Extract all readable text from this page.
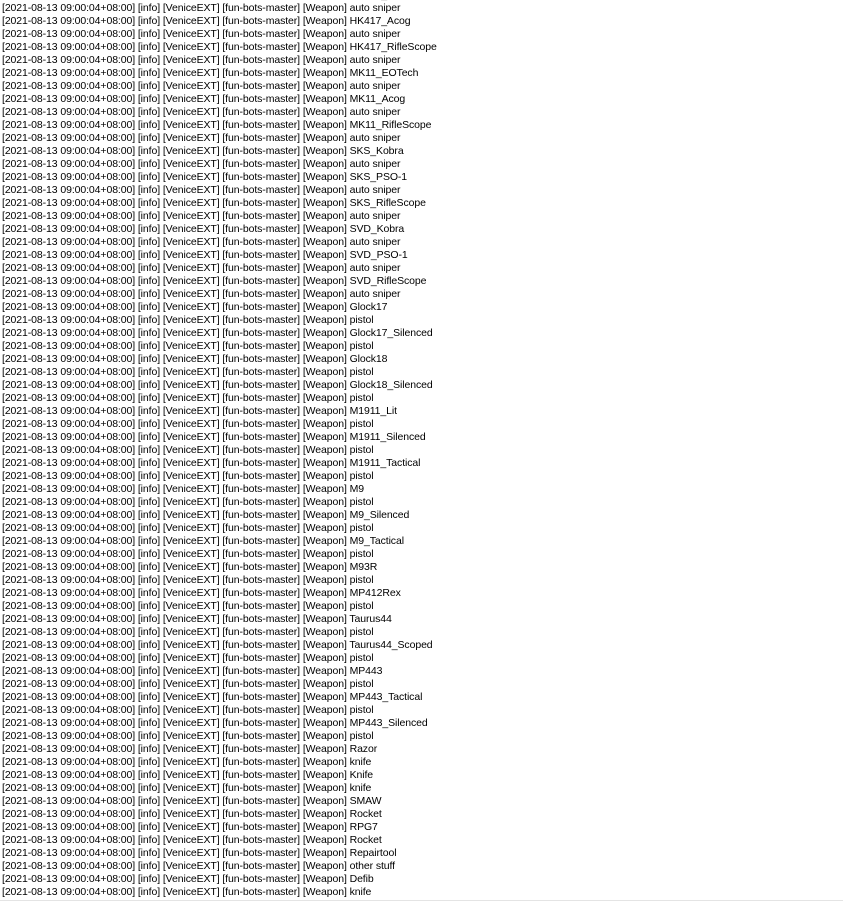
[2021-08-13 09:00:04+08:00] [info] [VeniceEXT] [fun-bots-master] [Weapon] auto sniper
[2021-08-13 09:00:04+08:00] [info] [VeniceEXT] [fun-bots-master] [Weapon] HK417_Acog
[2021-08-13 09:00:04+08:00] [info] [VeniceEXT] [fun-bots-master] [Weapon] auto sniper
[2021-08-13 09:00:04+08:00] [info] [VeniceEXT] [fun-bots-master] [Weapon] HK417_RifleScope
[2021-08-13 09:00:04+08:00] [info] [VeniceEXT] [fun-bots-master] [Weapon] auto sniper
[2021-08-13 09:00:04+08:00] [info] [VeniceEXT] [fun-bots-master] [Weapon] MK11_EOTech
[2021-08-13 09:00:04+08:00] [info] [VeniceEXT] [fun-bots-master] [Weapon] auto sniper
[2021-08-13 09:00:04+08:00] [info] [VeniceEXT] [fun-bots-master] [Weapon] MK11_Acog
[2021-08-13 09:00:04+08:00] [info] [VeniceEXT] [fun-bots-master] [Weapon] auto sniper
[2021-08-13 09:00:04+08:00] [info] [VeniceEXT] [fun-bots-master] [Weapon] MK11_RifleScope
[2021-08-13 09:00:04+08:00] [info] [VeniceEXT] [fun-bots-master] [Weapon] auto sniper
[2021-08-13 09:00:04+08:00] [info] [VeniceEXT] [fun-bots-master] [Weapon] SKS_Kobra
[2021-08-13 09:00:04+08:00] [info] [VeniceEXT] [fun-bots-master] [Weapon] auto sniper
[2021-08-13 09:00:04+08:00] [info] [VeniceEXT] [fun-bots-master] [Weapon] SKS_PSO-1
[2021-08-13 09:00:04+08:00] [info] [VeniceEXT] [fun-bots-master] [Weapon] auto sniper
[2021-08-13 09:00:04+08:00] [info] [VeniceEXT] [fun-bots-master] [Weapon] SKS_RifleScope
[2021-08-13 09:00:04+08:00] [info] [VeniceEXT] [fun-bots-master] [Weapon] auto sniper
[2021-08-13 09:00:04+08:00] [info] [VeniceEXT] [fun-bots-master] [Weapon] SVD_Kobra
[2021-08-13 09:00:04+08:00] [info] [VeniceEXT] [fun-bots-master] [Weapon] auto sniper
[2021-08-13 09:00:04+08:00] [info] [VeniceEXT] [fun-bots-master] [Weapon] SVD_PSO-1
[2021-08-13 09:00:04+08:00] [info] [VeniceEXT] [fun-bots-master] [Weapon] auto sniper
[2021-08-13 09:00:04+08:00] [info] [VeniceEXT] [fun-bots-master] [Weapon] SVD_RifleScope
[2021-08-13 09:00:04+08:00] [info] [VeniceEXT] [fun-bots-master] [Weapon] auto sniper
[2021-08-13 09:00:04+08:00] [info] [VeniceEXT] [fun-bots-master] [Weapon] Glock17
[2021-08-13 09:00:04+08:00] [info] [VeniceEXT] [fun-bots-master] [Weapon] pistol
[2021-08-13 09:00:04+08:00] [info] [VeniceEXT] [fun-bots-master] [Weapon] Glock17_Silenced
[2021-08-13 09:00:04+08:00] [info] [VeniceEXT] [fun-bots-master] [Weapon] pistol
[2021-08-13 09:00:04+08:00] [info] [VeniceEXT] [fun-bots-master] [Weapon] Glock18
[2021-08-13 09:00:04+08:00] [info] [VeniceEXT] [fun-bots-master] [Weapon] pistol
[2021-08-13 09:00:04+08:00] [info] [VeniceEXT] [fun-bots-master] [Weapon] Glock18_Silenced
[2021-08-13 09:00:04+08:00] [info] [VeniceEXT] [fun-bots-master] [Weapon] pistol
[2021-08-13 09:00:04+08:00] [info] [VeniceEXT] [fun-bots-master] [Weapon] M1911_Lit
[2021-08-13 09:00:04+08:00] [info] [VeniceEXT] [fun-bots-master] [Weapon] pistol
[2021-08-13 09:00:04+08:00] [info] [VeniceEXT] [fun-bots-master] [Weapon] M1911_Silenced
[2021-08-13 09:00:04+08:00] [info] [VeniceEXT] [fun-bots-master] [Weapon] pistol
[2021-08-13 09:00:04+08:00] [info] [VeniceEXT] [fun-bots-master] [Weapon] M1911_Tactical
[2021-08-13 09:00:04+08:00] [info] [VeniceEXT] [fun-bots-master] [Weapon] pistol
[2021-08-13 09:00:04+08:00] [info] [VeniceEXT] [fun-bots-master] [Weapon] M9
[2021-08-13 09:00:04+08:00] [info] [VeniceEXT] [fun-bots-master] [Weapon] pistol
[2021-08-13 09:00:04+08:00] [info] [VeniceEXT] [fun-bots-master] [Weapon] M9_Silenced
[2021-08-13 09:00:04+08:00] [info] [VeniceEXT] [fun-bots-master] [Weapon] pistol
[2021-08-13 09:00:04+08:00] [info] [VeniceEXT] [fun-bots-master] [Weapon] M9_Tactical
[2021-08-13 09:00:04+08:00] [info] [VeniceEXT] [fun-bots-master] [Weapon] pistol
[2021-08-13 09:00:04+08:00] [info] [VeniceEXT] [fun-bots-master] [Weapon] M93R
[2021-08-13 09:00:04+08:00] [info] [VeniceEXT] [fun-bots-master] [Weapon] pistol
[2021-08-13 09:00:04+08:00] [info] [VeniceEXT] [fun-bots-master] [Weapon] MP412Rex
[2021-08-13 09:00:04+08:00] [info] [VeniceEXT] [fun-bots-master] [Weapon] pistol
[2021-08-13 09:00:04+08:00] [info] [VeniceEXT] [fun-bots-master] [Weapon] Taurus44
[2021-08-13 09:00:04+08:00] [info] [VeniceEXT] [fun-bots-master] [Weapon] pistol
[2021-08-13 09:00:04+08:00] [info] [VeniceEXT] [fun-bots-master] [Weapon] Taurus44_Scoped
[2021-08-13 09:00:04+08:00] [info] [VeniceEXT] [fun-bots-master] [Weapon] pistol
[2021-08-13 09:00:04+08:00] [info] [VeniceEXT] [fun-bots-master] [Weapon] MP443
[2021-08-13 09:00:04+08:00] [info] [VeniceEXT] [fun-bots-master] [Weapon] pistol
[2021-08-13 09:00:04+08:00] [info] [VeniceEXT] [fun-bots-master] [Weapon] MP443_Tactical
[2021-08-13 09:00:04+08:00] [info] [VeniceEXT] [fun-bots-master] [Weapon] pistol
[2021-08-13 09:00:04+08:00] [info] [VeniceEXT] [fun-bots-master] [Weapon] MP443_Silenced
[2021-08-13 09:00:04+08:00] [info] [VeniceEXT] [fun-bots-master] [Weapon] pistol
[2021-08-13 09:00:04+08:00] [info] [VeniceEXT] [fun-bots-master] [Weapon] Razor
[2021-08-13 09:00:04+08:00] [info] [VeniceEXT] [fun-bots-master] [Weapon] knife
[2021-08-13 09:00:04+08:00] [info] [VeniceEXT] [fun-bots-master] [Weapon] Knife
[2021-08-13 09:00:04+08:00] [info] [VeniceEXT] [fun-bots-master] [Weapon] knife
[2021-08-13 09:00:04+08:00] [info] [VeniceEXT] [fun-bots-master] [Weapon] SMAW
[2021-08-13 09:00:04+08:00] [info] [VeniceEXT] [fun-bots-master] [Weapon] Rocket
[2021-08-13 09:00:04+08:00] [info] [VeniceEXT] [fun-bots-master] [Weapon] RPG7
[2021-08-13 09:00:04+08:00] [info] [VeniceEXT] [fun-bots-master] [Weapon] Rocket
[2021-08-13 09:00:04+08:00] [info] [VeniceEXT] [fun-bots-master] [Weapon] Repairtool
[2021-08-13 09:00:04+08:00] [info] [VeniceEXT] [fun-bots-master] [Weapon] other stuff
[2021-08-13 09:00:04+08:00] [info] [VeniceEXT] [fun-bots-master] [Weapon] Defib
[2021-08-13 09:00:04+08:00] [info] [VeniceEXT] [fun-bots-master] [Weapon] knife
